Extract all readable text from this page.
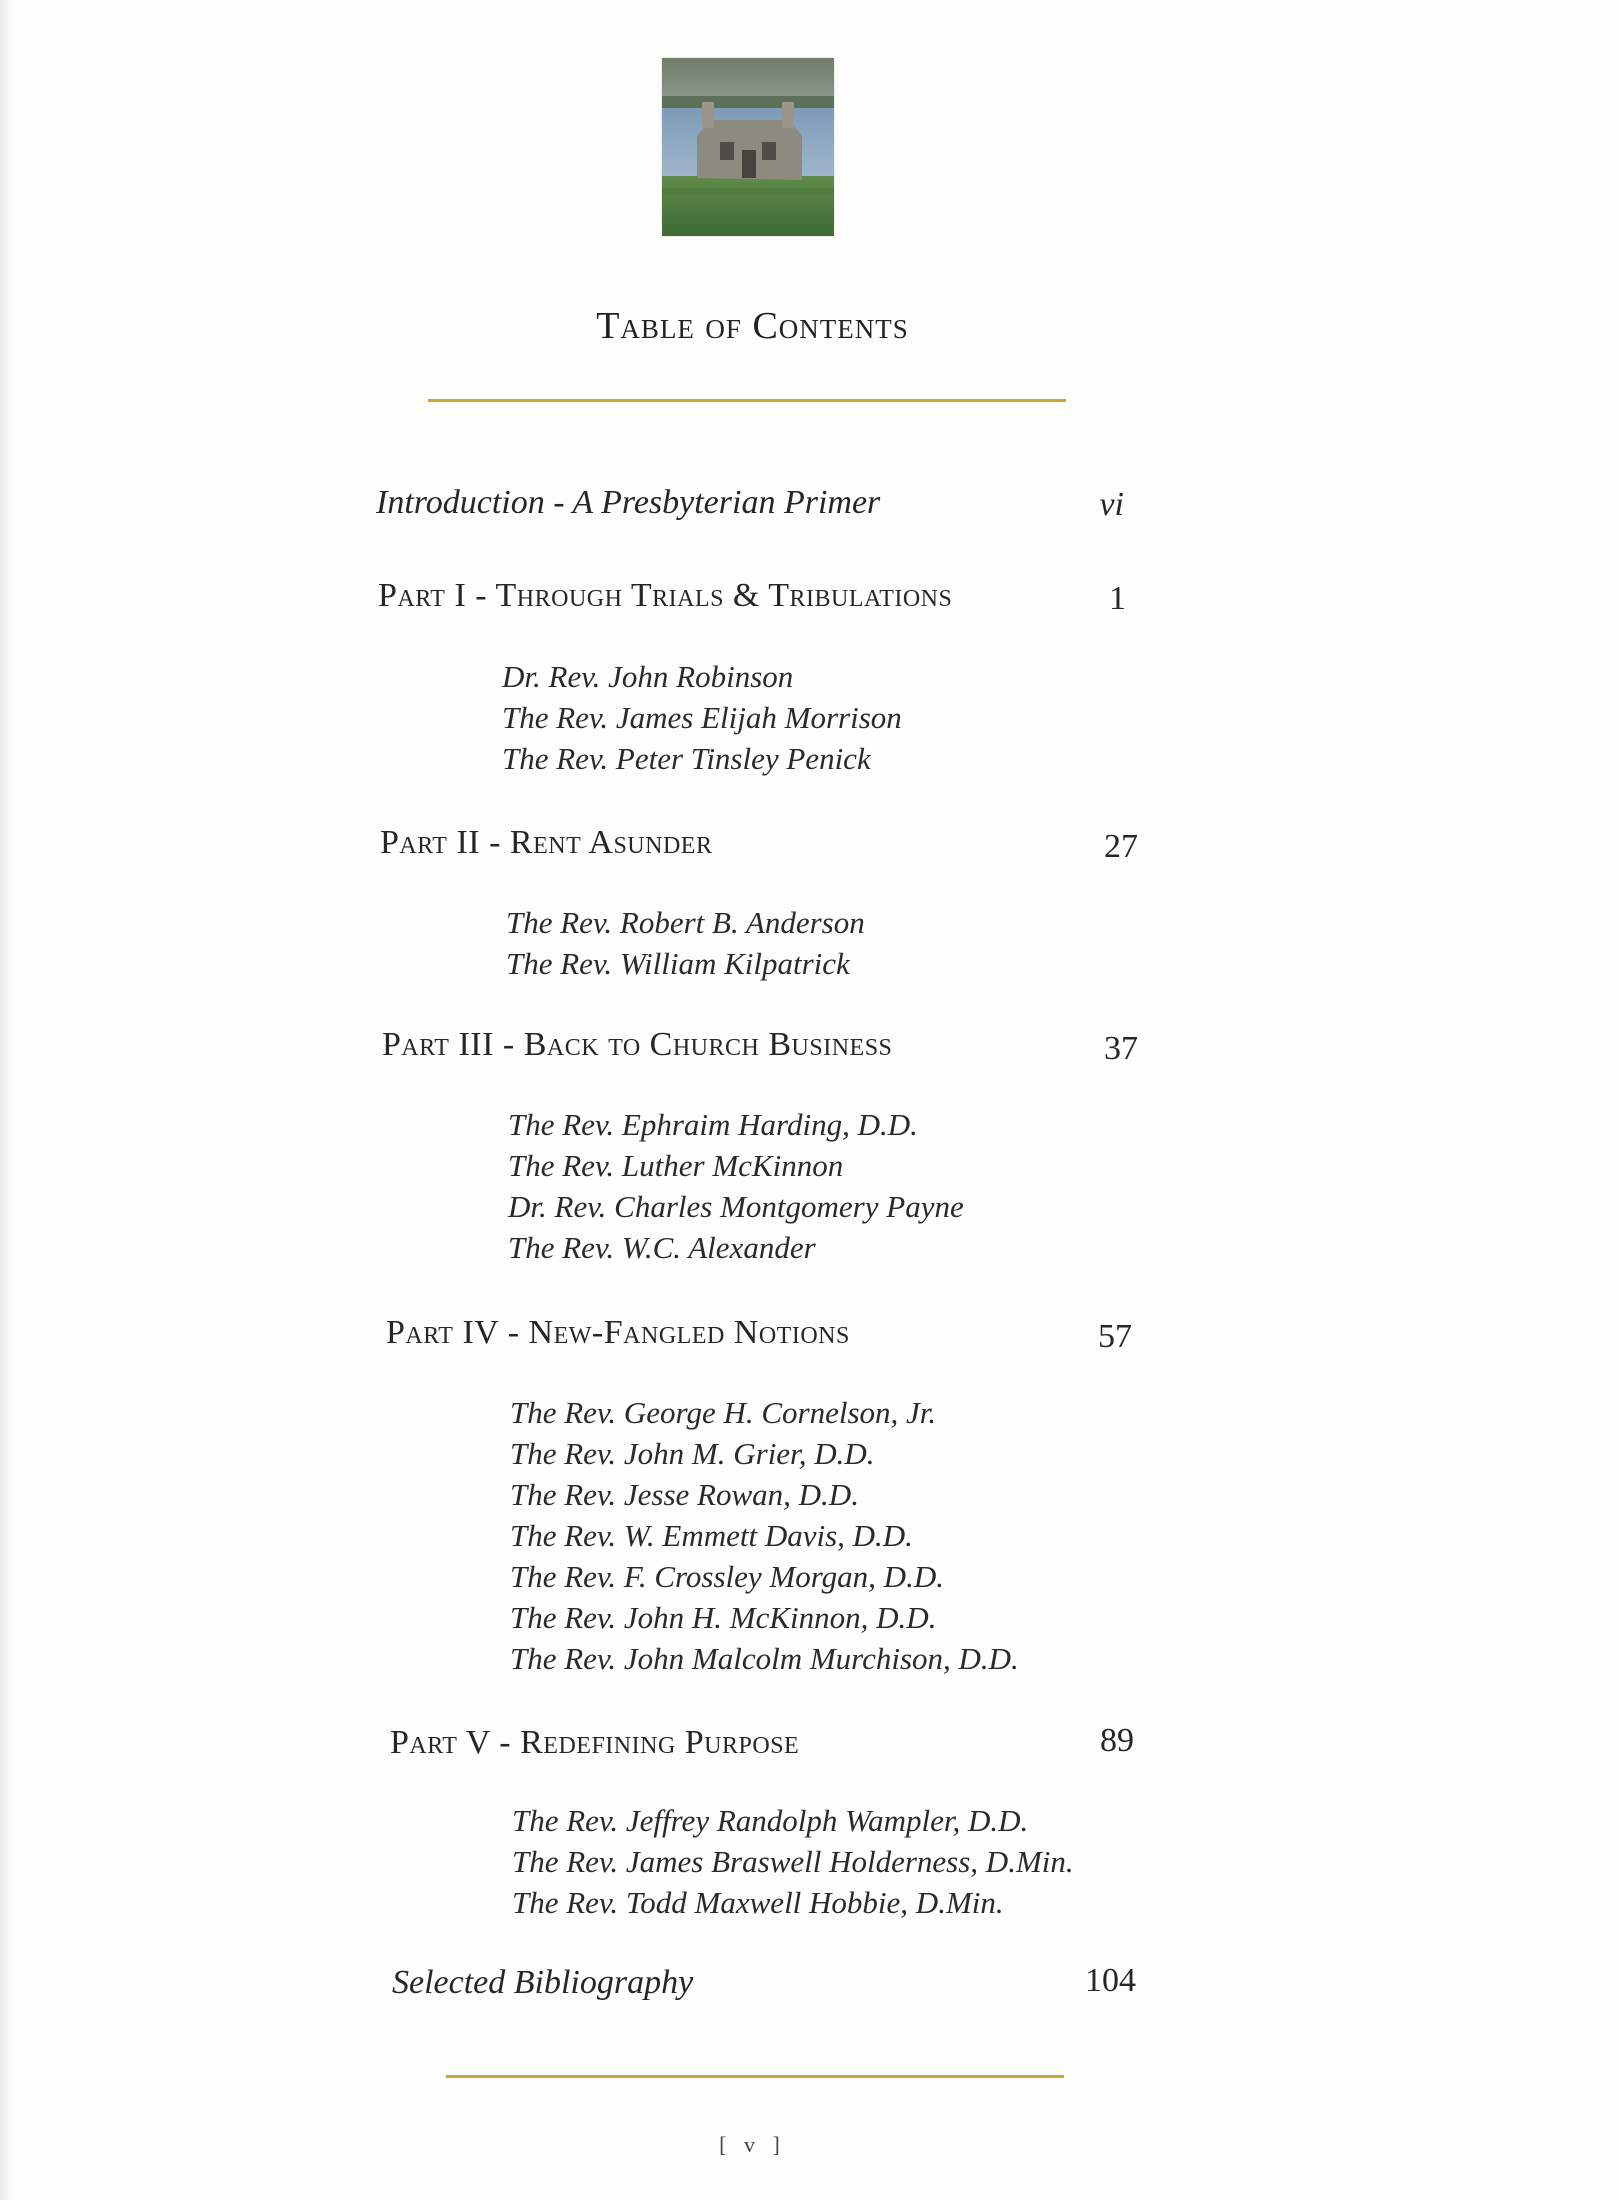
Table of Contents
Introduction - A Presbyterian Primer	vi
Part I - Through Trials & Tribulations	1
Dr. Rev. John Robinson
The Rev. James Elijah Morrison
The Rev. Peter Tinsley Penick
Part II - Rent Asunder	27
The Rev. Robert B. Anderson
The Rev. William Kilpatrick
Part III - Back to Church Business	37
The Rev. Ephraim Harding, D.D.
The Rev. Luther McKinnon
Dr. Rev. Charles Montgomery Payne
The Rev. W.C. Alexander
Part IV - New-Fangled Notions	57
The Rev. George H. Cornelson, Jr.
The Rev. John M. Grier, D.D.
The Rev. Jesse Rowan, D.D.
The Rev. W. Emmett Davis, D.D.
The Rev. F. Crossley Morgan, D.D.
The Rev. John H. McKinnon, D.D.
The Rev. John Malcolm Murchison, D.D.
Part V - Redefining Purpose	89
The Rev. Jeffrey Randolph Wampler, D.D.
The Rev. James Braswell Holderness, D.Min.
The Rev. Todd Maxwell Hobbie, D.Min.
Selected Bibliography	104
[ v ]
